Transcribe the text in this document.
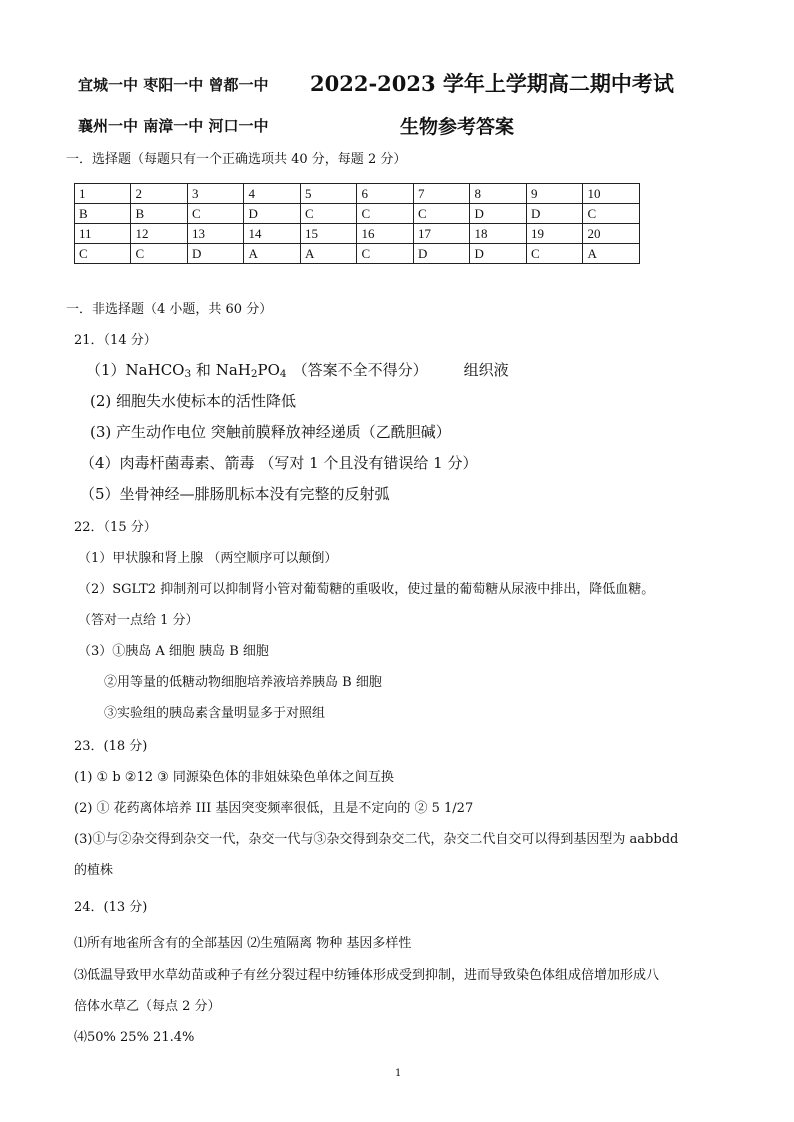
宜城一中 枣阳一中 曾都一中 2022-2023 学年上学期高二期中考试
襄州一中 南漳一中 河口一中	生物参考答案
一．选择题（每题只有一个正确选项共 40 分，每题 2 分）
1	2	3	4	5	6	7	8	9	10
B	B	C	D	C	C	C	D	D	C
11	12	13	14	15	16	17	18	19	20
C	C	D	A	A	C	D	D	C	A
一．非选择题（4 小题，共 60 分）
21．（14 分）
（1）NaHCO$_3$ 和 $NaH_2PO_4$ （答案不全不得分） 组织液
(2) 细胞失水使标本的活性降低
(3) 产生动作电位 突触前膜释放神经递质（乙酰胆碱）
（4）肉毒杆菌毒素、箭毒 （写对 1 个且没有错误给 1 分）
（5）坐骨神经—腓肠肌标本没有完整的反射弧
22．（15 分）
（1）甲状腺和肾上腺 （两空顺序可以颠倒）
（2）SGLT2 抑制剂可以抑制肾小管对葡萄糖的重吸收，使过量的葡萄糖从尿液中排出，降低血糖。
（答对一点给 1 分）
（3）①胰岛 A 细胞 胰岛 B 细胞
②用等量的低糖动物细胞培养液培养胰岛 B 细胞
③实验组的胰岛素含量明显多于对照组
23．(18 分)
(1) ① b ②12 ③ 同源染色体的非姐妹染色单体之间互换
(2) ① 花药离体培养 III 基因突变频率很低，且是不定向的 ② 5 1/27
(3)①与②杂交得到杂交一代，杂交一代与③杂交得到杂交二代，杂交二代自交可以得到基因型为 aabbdd
的植株
24．(13 分)
⑴所有地雀所含有的全部基因 ⑵生殖隔离 物种 基因多样性
⑶低温导致甲水草幼苗或种子有丝分裂过程中纺锤体形成受到抑制，进而导致染色体组成倍增加形成八
倍体水草乙（每点 2 分）
⑷50% 25% 21.4%
1
